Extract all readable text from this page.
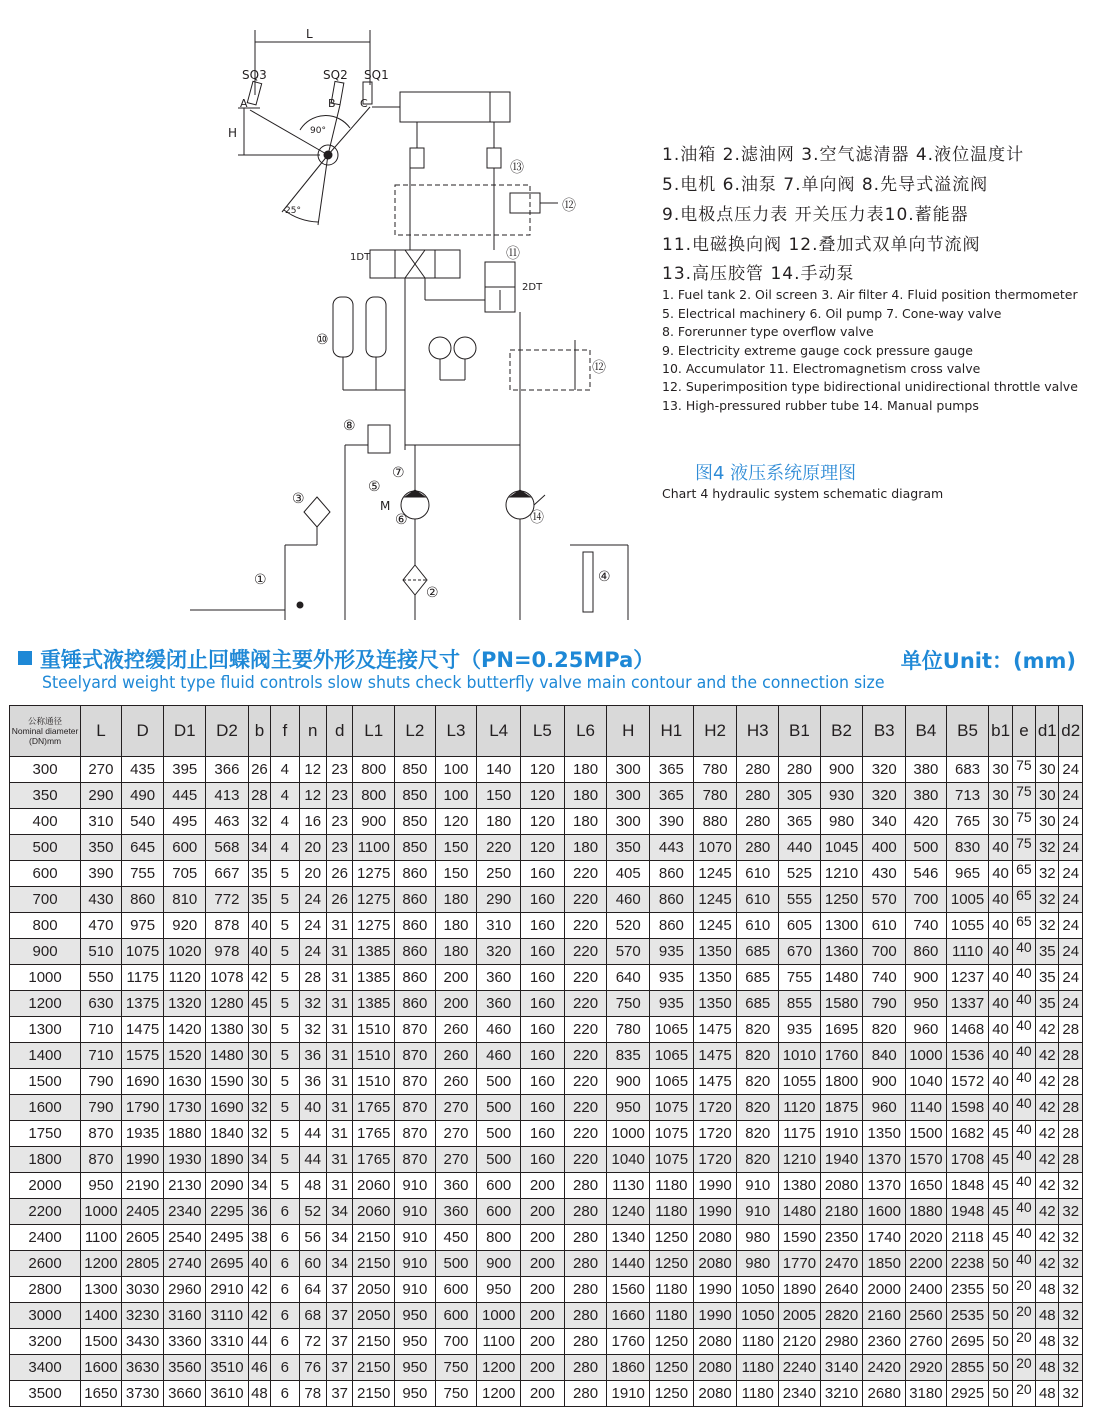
L
H
SQ3	SQ2 SQ1
A	B C
90°
25°
1DT
2DT
M
①
②
③
④
⑤
⑥
⑦
⑧
⑩
⑪
⑫
⑫
⑬
⑭
1.油箱 2.滤油网 3.空气滤清器 4.液位温度计
5.电机 6.油泵 7.单向阀 8.先导式溢流阀
9.电极点压力表 开关压力表10.蓄能器
11.电磁换向阀 12.叠加式双单向节流阀
13.高压胶管 14.手动泵
1. Fuel tank 2. Oil screen 3. Air filter 4. Fluid position thermometer
5. Electrical machinery 6. Oil pump 7. Cone-way valve
8. Forerunner type overflow valve
9. Electricity extreme gauge cock pressure gauge
10. Accumulator 11. Electromagnetism cross valve
12. Superimposition type bidirectional unidirectional throttle valve
13. High-pressured rubber tube 14. Manual pumps
图4 液压系统原理图
Chart 4 hydraulic system schematic diagram
重锤式液控缓闭止回蝶阀主要外形及连接尺寸（PN=0.25MPa）	单位Unit：(mm)
Steelyard weight type fluid controls slow shuts check butterfly valve main contour and the connection size
公称通径
Nominal diameter
(DN)mm	L	D	D1	D2	b	f	n	d	L1	L2	L3	L4	L5	L6	H	H1	H2	H3	B1	B2	B3	B4	B5	b1	e	d1	d2
300	270	435	395	366	26	4	12	23	800	850	100	140	120	180	300	365	780	280	280	900	320	380	683	30	75	30	24
350	290	490	445	413	28	4	12	23	800	850	100	150	120	180	300	365	780	280	305	930	320	380	713	30	75	30	24
400	310	540	495	463	32	4	16	23	900	850	120	180	120	180	300	390	880	280	365	980	340	420	765	30	75	30	24
500	350	645	600	568	34	4	20	23	1100	850	150	220	120	180	350	443	1070	280	440	1045	400	500	830	40	75	32	24
600	390	755	705	667	35	5	20	26	1275	860	150	250	160	220	405	860	1245	610	525	1210	430	546	965	40	65	32	24
700	430	860	810	772	35	5	24	26	1275	860	180	290	160	220	460	860	1245	610	555	1250	570	700	1005	40	65	32	24
800	470	975	920	878	40	5	24	31	1275	860	180	310	160	220	520	860	1245	610	605	1300	610	740	1055	40	65	32	24
900	510	1075	1020	978	40	5	24	31	1385	860	180	320	160	220	570	935	1350	685	670	1360	700	860	1110	40	40	35	24
1000	550	1175	1120	1078	42	5	28	31	1385	860	200	360	160	220	640	935	1350	685	755	1480	740	900	1237	40	40	35	24
1200	630	1375	1320	1280	45	5	32	31	1385	860	200	360	160	220	750	935	1350	685	855	1580	790	950	1337	40	40	35	24
1300	710	1475	1420	1380	30	5	32	31	1510	870	260	460	160	220	780	1065	1475	820	935	1695	820	960	1468	40	40	42	28
1400	710	1575	1520	1480	30	5	36	31	1510	870	260	460	160	220	835	1065	1475	820	1010	1760	840	1000	1536	40	40	42	28
1500	790	1690	1630	1590	30	5	36	31	1510	870	260	500	160	220	900	1065	1475	820	1055	1800	900	1040	1572	40	40	42	28
1600	790	1790	1730	1690	32	5	40	31	1765	870	270	500	160	220	950	1075	1720	820	1120	1875	960	1140	1598	40	40	42	28
1750	870	1935	1880	1840	32	5	44	31	1765	870	270	500	160	220	1000	1075	1720	820	1175	1910	1350	1500	1682	45	40	42	28
1800	870	1990	1930	1890	34	5	44	31	1765	870	270	500	160	220	1040	1075	1720	820	1210	1940	1370	1570	1708	45	40	42	28
2000	950	2190	2130	2090	34	5	48	31	2060	910	360	600	200	280	1130	1180	1990	910	1380	2080	1370	1650	1848	45	40	42	32
2200	1000	2405	2340	2295	36	6	52	34	2060	910	360	600	200	280	1240	1180	1990	910	1480	2180	1600	1880	1948	45	40	42	32
2400	1100	2605	2540	2495	38	6	56	34	2150	910	450	800	200	280	1340	1250	2080	980	1590	2350	1740	2020	2118	45	40	42	32
2600	1200	2805	2740	2695	40	6	60	34	2150	910	500	900	200	280	1440	1250	2080	980	1770	2470	1850	2200	2238	50	40	42	32
2800	1300	3030	2960	2910	42	6	64	37	2050	910	600	950	200	280	1560	1180	1990	1050	1890	2640	2000	2400	2355	50	20	48	32
3000	1400	3230	3160	3110	42	6	68	37	2050	950	600	1000	200	280	1660	1180	1990	1050	2005	2820	2160	2560	2535	50	20	48	32
3200	1500	3430	3360	3310	44	6	72	37	2150	950	700	1100	200	280	1760	1250	2080	1180	2120	2980	2360	2760	2695	50	20	48	32
3400	1600	3630	3560	3510	46	6	76	37	2150	950	750	1200	200	280	1860	1250	2080	1180	2240	3140	2420	2920	2855	50	20	48	32
3500	1650	3730	3660	3610	48	6	78	37	2150	950	750	1200	200	280	1910	1250	2080	1180	2340	3210	2680	3180	2925	50	20	48	32
